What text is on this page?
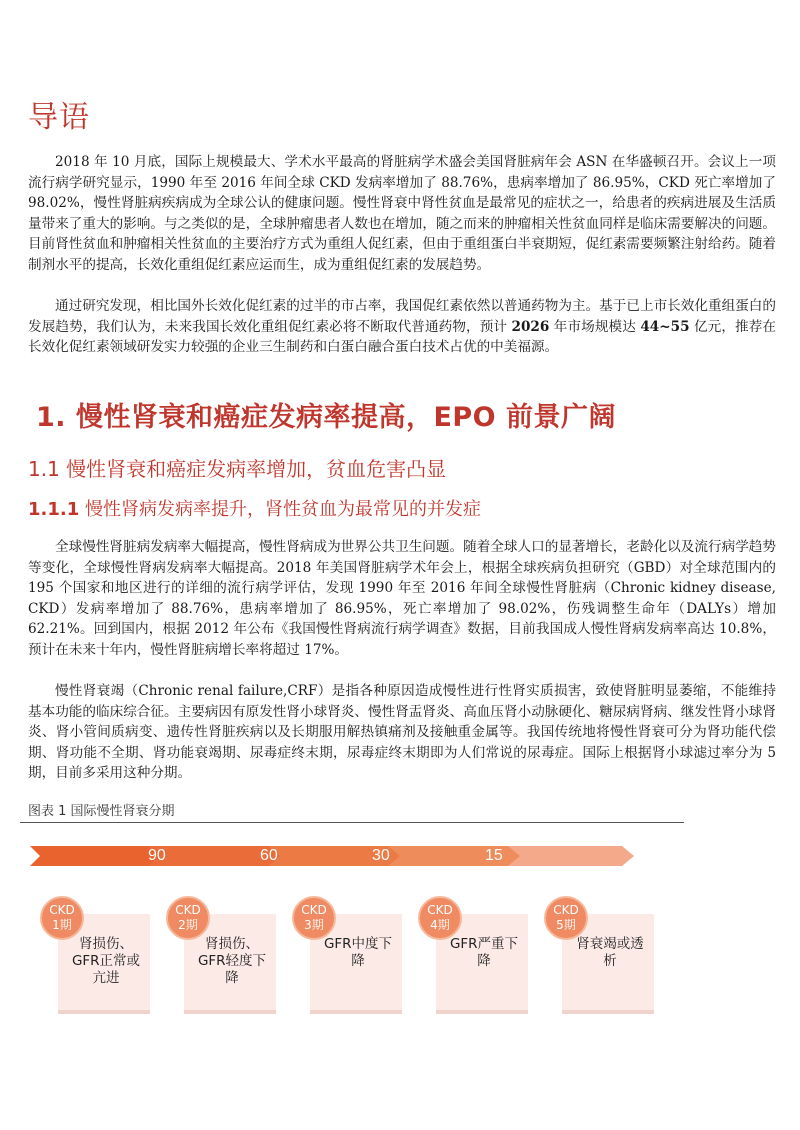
导语

2018 年 10 月底，国际上规模最大、学术水平最高的肾脏病学术盛会美国肾脏病年会 ASN 在华盛顿召开。会议上一项流行病学研究显示，1990 年至 2016 年间全球 CKD 发病率增加了 88.76%，患病率增加了 86.95%，CKD 死亡率增加了 98.02%，慢性肾脏病疾病成为全球公认的健康问题。慢性肾衰中肾性贫血是最常见的症状之一，给患者的疾病进展及生活质量带来了重大的影响。与之类似的是，全球肿瘤患者人数也在增加，随之而来的肿瘤相关性贫血同样是临床需要解决的问题。目前肾性贫血和肿瘤相关性贫血的主要治疗方式为重组人促红素，但由于重组蛋白半衰期短，促红素需要频繁注射给药。随着制剂水平的提高，长效化重组促红素应运而生，成为重组促红素的发展趋势。

通过研究发现，相比国外长效化促红素的过半的市占率，我国促红素依然以普通药物为主。基于已上市长效化重组蛋白的发展趋势，我们认为，未来我国长效化重组促红素必将不断取代普通药物，预计 2026 年市场规模达 44~55 亿元，推荐在长效化促红素领域研发实力较强的企业三生制药和白蛋白融合蛋白技术占优的中美福源。

1. 慢性肾衰和癌症发病率提高，EPO 前景广阔
1.1 慢性肾衰和癌症发病率增加，贫血危害凸显
1.1.1 慢性肾病发病率提升，肾性贫血为最常见的并发症

全球慢性肾脏病发病率大幅提高，慢性肾病成为世界公共卫生问题。随着全球人口的显著增长，老龄化以及流行病学趋势等变化，全球慢性肾病发病率大幅提高。2018 年美国肾脏病学术年会上，根据全球疾病负担研究（GBD）对全球范围内的 195 个国家和地区进行的详细的流行病学评估，发现 1990 年至 2016 年间全球慢性肾脏病（Chronic kidney disease, CKD）发病率增加了 88.76%，患病率增加了 86.95%，死亡率增加了 98.02%，伤残调整生命年（DALYs）增加 62.21%。回到国内，根据 2012 年公布《我国慢性肾病流行病学调查》数据，目前我国成人慢性肾病发病率高达 10.8%，预计在未来十年内，慢性肾脏病增长率将超过 17%。

慢性肾衰竭（Chronic renal failure,CRF）是指各种原因造成慢性进行性肾实质损害，致使肾脏明显萎缩，不能维持基本功能的临床综合征。主要病因有原发性肾小球肾炎、慢性肾盂肾炎、高血压肾小动脉硬化、糖尿病肾病、继发性肾小球肾炎、肾小管间质病变、遗传性肾脏疾病以及长期服用解热镇痛剂及接触重金属等。我国传统地将慢性肾衰可分为肾功能代偿期、肾功能不全期、肾功能衰竭期、尿毒症终末期，尿毒症终末期即为人们常说的尿毒症。国际上根据肾小球滤过率分为 5期，目前多采用这种分期。

图表 1 国际慢性肾衰分期
90	60	30	15
肾损伤、GFR正常或亢进
CKD
1期
肾损伤、GFR轻度下降
CKD
2期
GFR中度下降
CKD
3期
GFR严重下降
CKD
4期
肾衰竭或透析
CKD
5期
